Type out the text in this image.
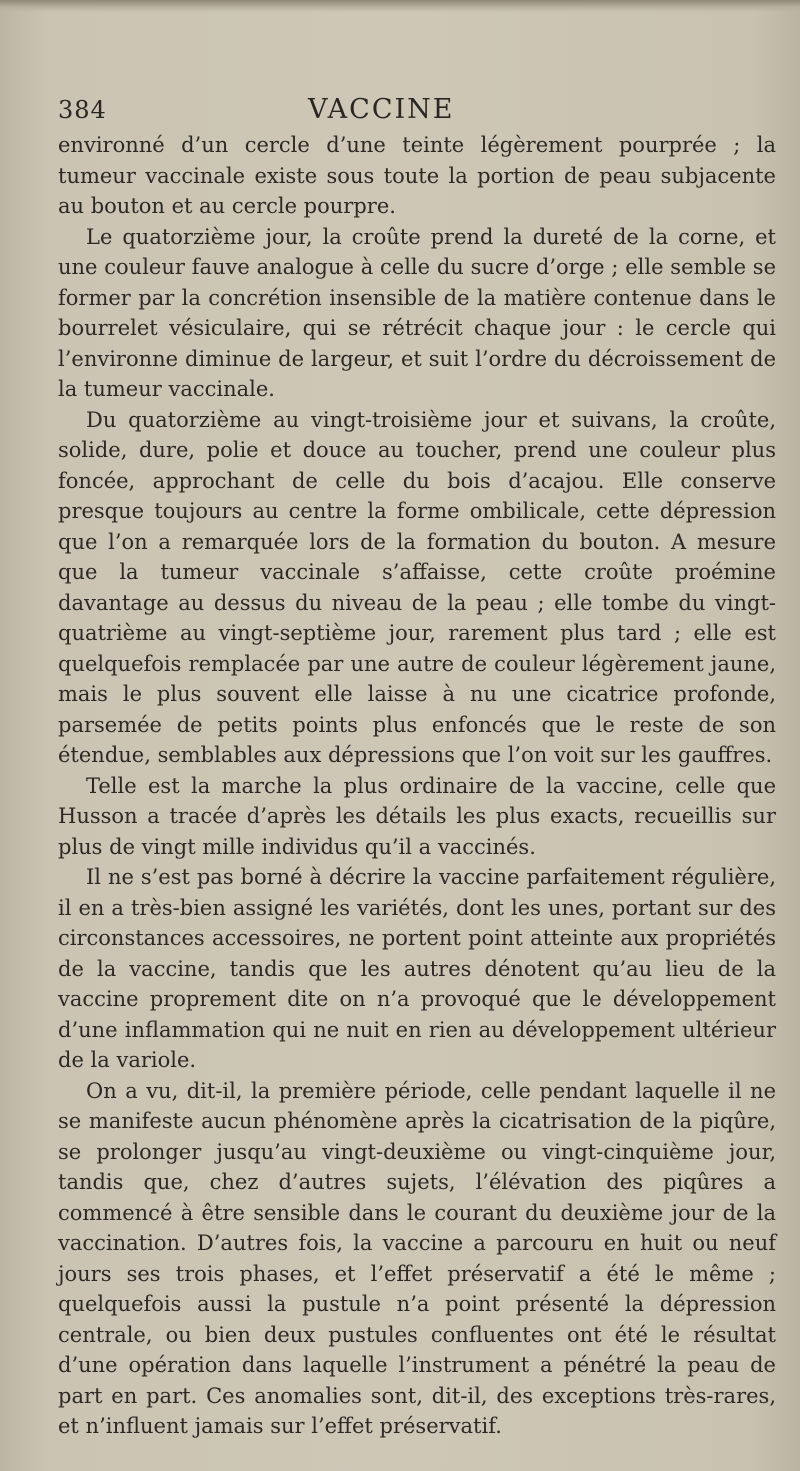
384	VACCINE

environné d’un cercle d’une teinte légèrement pourprée ; la tumeur vaccinale existe sous toute la portion de peau subjacente au bouton et au cercle pourpre.

Le quatorzième jour, la croûte prend la dureté de la corne, et une couleur fauve analogue à celle du sucre d’orge ; elle semble se former par la concrétion insensible de la matière contenue dans le bourrelet vésiculaire, qui se rétrécit chaque jour : le cercle qui l’environne diminue de largeur, et suit l’ordre du décroissement de la tumeur vaccinale.

Du quatorzième au vingt-troisième jour et suivans, la croûte, solide, dure, polie et douce au toucher, prend une couleur plus foncée, approchant de celle du bois d’acajou. Elle conserve presque toujours au centre la forme ombilicale, cette dépression que l’on a remarquée lors de la formation du bouton. A mesure que la tumeur vaccinale s’affaisse, cette croûte proémine davantage au dessus du niveau de la peau ; elle tombe du vingt-quatrième au vingt-septième jour, rarement plus tard ; elle est quelquefois remplacée par une autre de couleur légèrement jaune, mais le plus souvent elle laisse à nu une cicatrice profonde, parsemée de petits points plus enfoncés que le reste de son étendue, semblables aux dépressions que l’on voit sur les gauffres.

Telle est la marche la plus ordinaire de la vaccine, celle que Husson a tracée d’après les détails les plus exacts, recueillis sur plus de vingt mille individus qu’il a vaccinés.

Il ne s’est pas borné à décrire la vaccine parfaitement régulière, il en a très-bien assigné les variétés, dont les unes, portant sur des circonstances accessoires, ne portent point atteinte aux propriétés de la vaccine, tandis que les autres dénotent qu’au lieu de la vaccine proprement dite on n’a provoqué que le développement d’une inflammation qui ne nuit en rien au développement ultérieur de la variole.

On a vu, dit-il, la première période, celle pendant laquelle il ne se manifeste aucun phénomène après la cicatrisation de la piqûre, se prolonger jusqu’au vingt-deuxième ou vingt-cinquième jour, tandis que, chez d’autres sujets, l’élévation des piqûres a commencé à être sensible dans le courant du deuxième jour de la vaccination. D’autres fois, la vaccine a parcouru en huit ou neuf jours ses trois phases, et l’effet préservatif a été le même ; quelquefois aussi la pustule n’a point présenté la dépression centrale, ou bien deux pustules confluentes ont été le résultat d’une opération dans laquelle l’instrument a pénétré la peau de part en part. Ces anomalies sont, dit-il, des exceptions très-rares, et n’influent jamais sur l’effet préservatif.
